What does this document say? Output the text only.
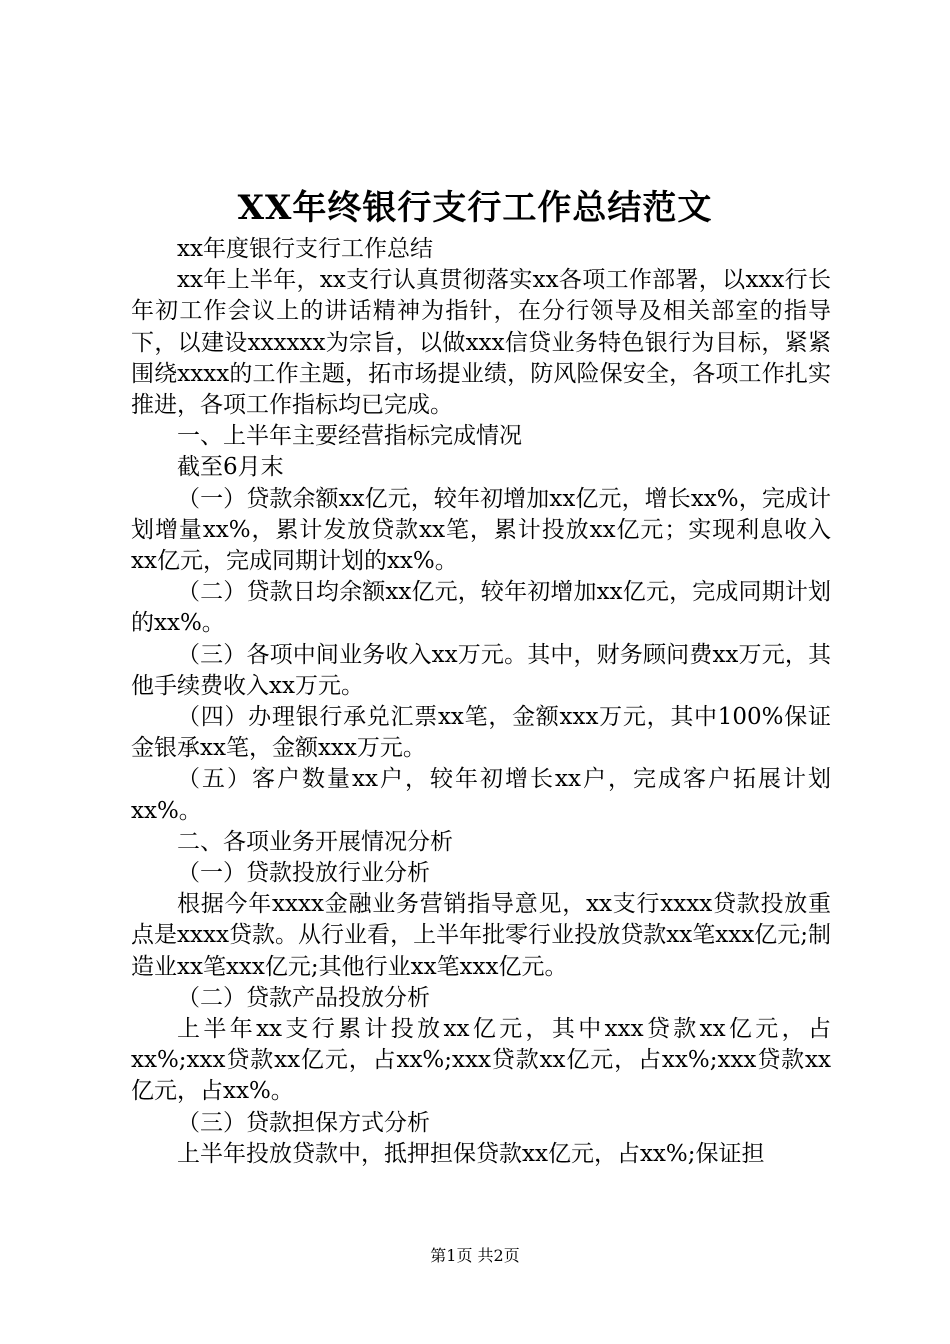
XX年终银行支行工作总结范文

xx年度银行支行工作总结

xx年上半年，xx支行认真贯彻落实xx各项工作部署，以xxx行长年初工作会议上的讲话精神为指针，在分行领导及相关部室的指导下，以建设xxxxxx为宗旨，以做xxx信贷业务特色银行为目标，紧紧围绕xxxx的工作主题，拓市场提业绩，防风险保安全，各项工作扎实推进，各项工作指标均已完成。

一、上半年主要经营指标完成情况

截至6月末

（一）贷款余额xx亿元，较年初增加xx亿元，增长xx%，完成计划增量xx%，累计发放贷款xx笔，累计投放xx亿元；实现利息收入xx亿元，完成同期计划的xx%。

（二）贷款日均余额xx亿元，较年初增加xx亿元，完成同期计划的xx%。

（三）各项中间业务收入xx万元。其中，财务顾问费xx万元，其他手续费收入xx万元。

（四）办理银行承兑汇票xx笔，金额xxx万元，其中100%保证金银承xx笔，金额xxx万元。

（五）客户数量xx户，较年初增长xx户，完成客户拓展计划xx%。

二、各项业务开展情况分析

（一）贷款投放行业分析

根据今年xxxx金融业务营销指导意见，xx支行xxxx贷款投放重点是xxxx贷款。从行业看，上半年批零行业投放贷款xx笔xxx亿元;制造业xx笔xxx亿元;其他行业xx笔xxx亿元。

（二）贷款产品投放分析

上半年xx支行累计投放xx亿元，其中xxx贷款xx亿元，占xx%;xxx贷款xx亿元，占xx%;xxx贷款xx亿元，占xx%;xxx贷款xx亿元，占xx%。

（三）贷款担保方式分析

上半年投放贷款中，抵押担保贷款xx亿元，占xx%;保证担

第1页 共2页
